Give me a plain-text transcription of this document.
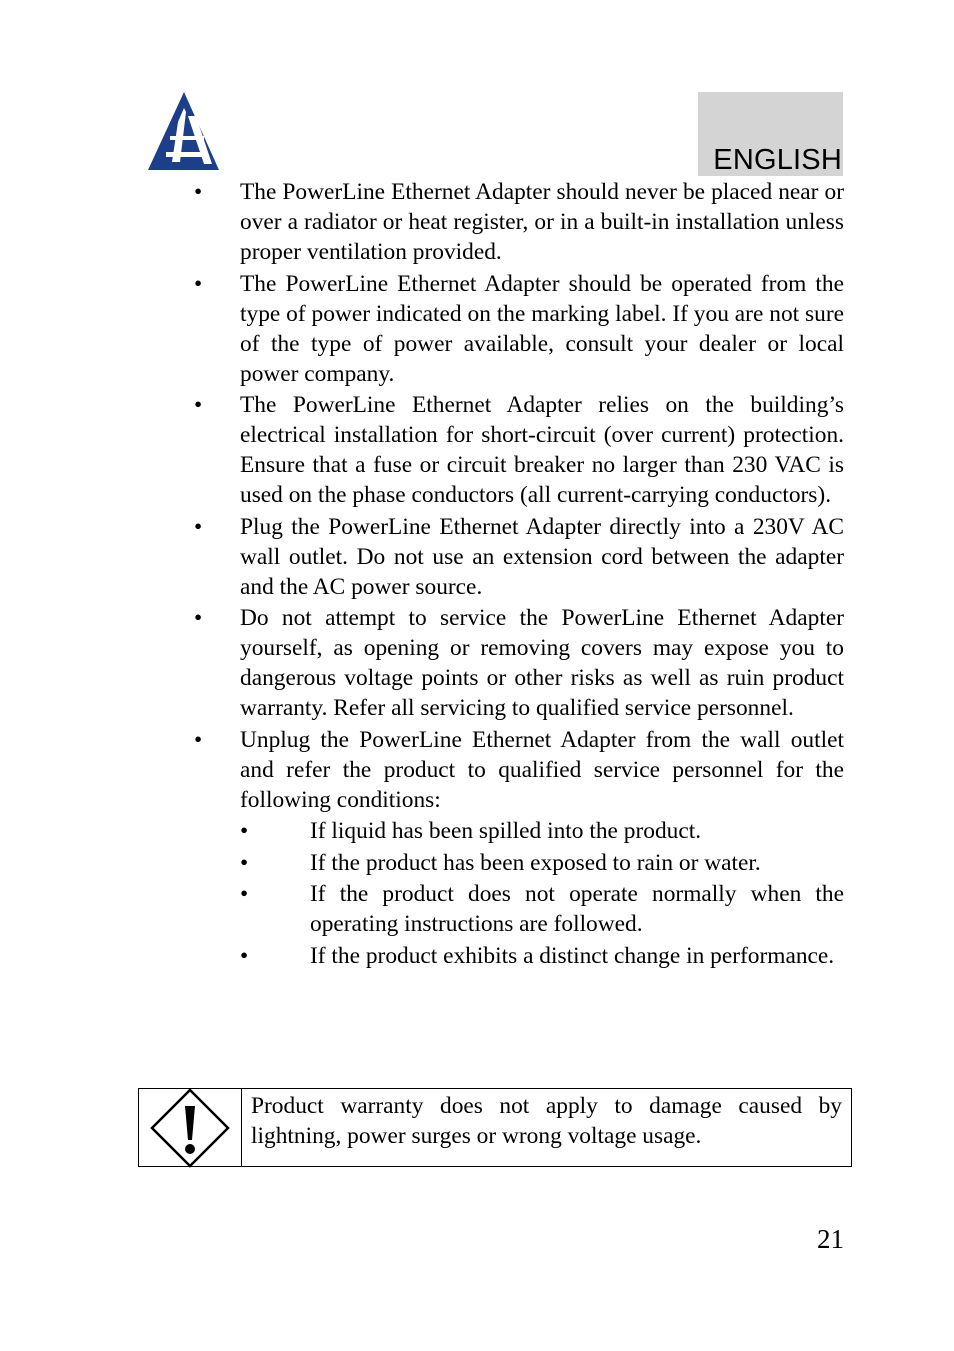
ENGLISH
•	The PowerLine Ethernet Adapter should never be placed near or over a radiator or heat register, or in a built-in installation unless proper ventilation provided.
•	The PowerLine Ethernet Adapter should be operated from the type of power indicated on the marking label. If you are not sure of the type of power available, consult your dealer or local power company.
•	The PowerLine Ethernet Adapter relies on the building’s electrical installation for short-circuit (over current) protection. Ensure that a fuse or circuit breaker no larger than 230 VAC is used on the phase conductors (all current-carrying conductors).
•	Plug the PowerLine Ethernet Adapter directly into a 230V AC wall outlet. Do not use an extension cord between the adapter and the AC power source.
•	Do not attempt to service the PowerLine Ethernet Adapter yourself, as opening or removing covers may expose you to dangerous voltage points or other risks as well as ruin product warranty. Refer all servicing to qualified service personnel.
•	Unplug the PowerLine Ethernet Adapter from the wall outlet and refer the product to qualified service personnel for the following conditions:
•	If liquid has been spilled into the product.
•	If the product has been exposed to rain or water.
•	If the product does not operate normally when the operating instructions are followed.
•	If the product exhibits a distinct change in performance.
Product warranty does not apply to damage caused by lightning, power surges or wrong voltage usage.
21
